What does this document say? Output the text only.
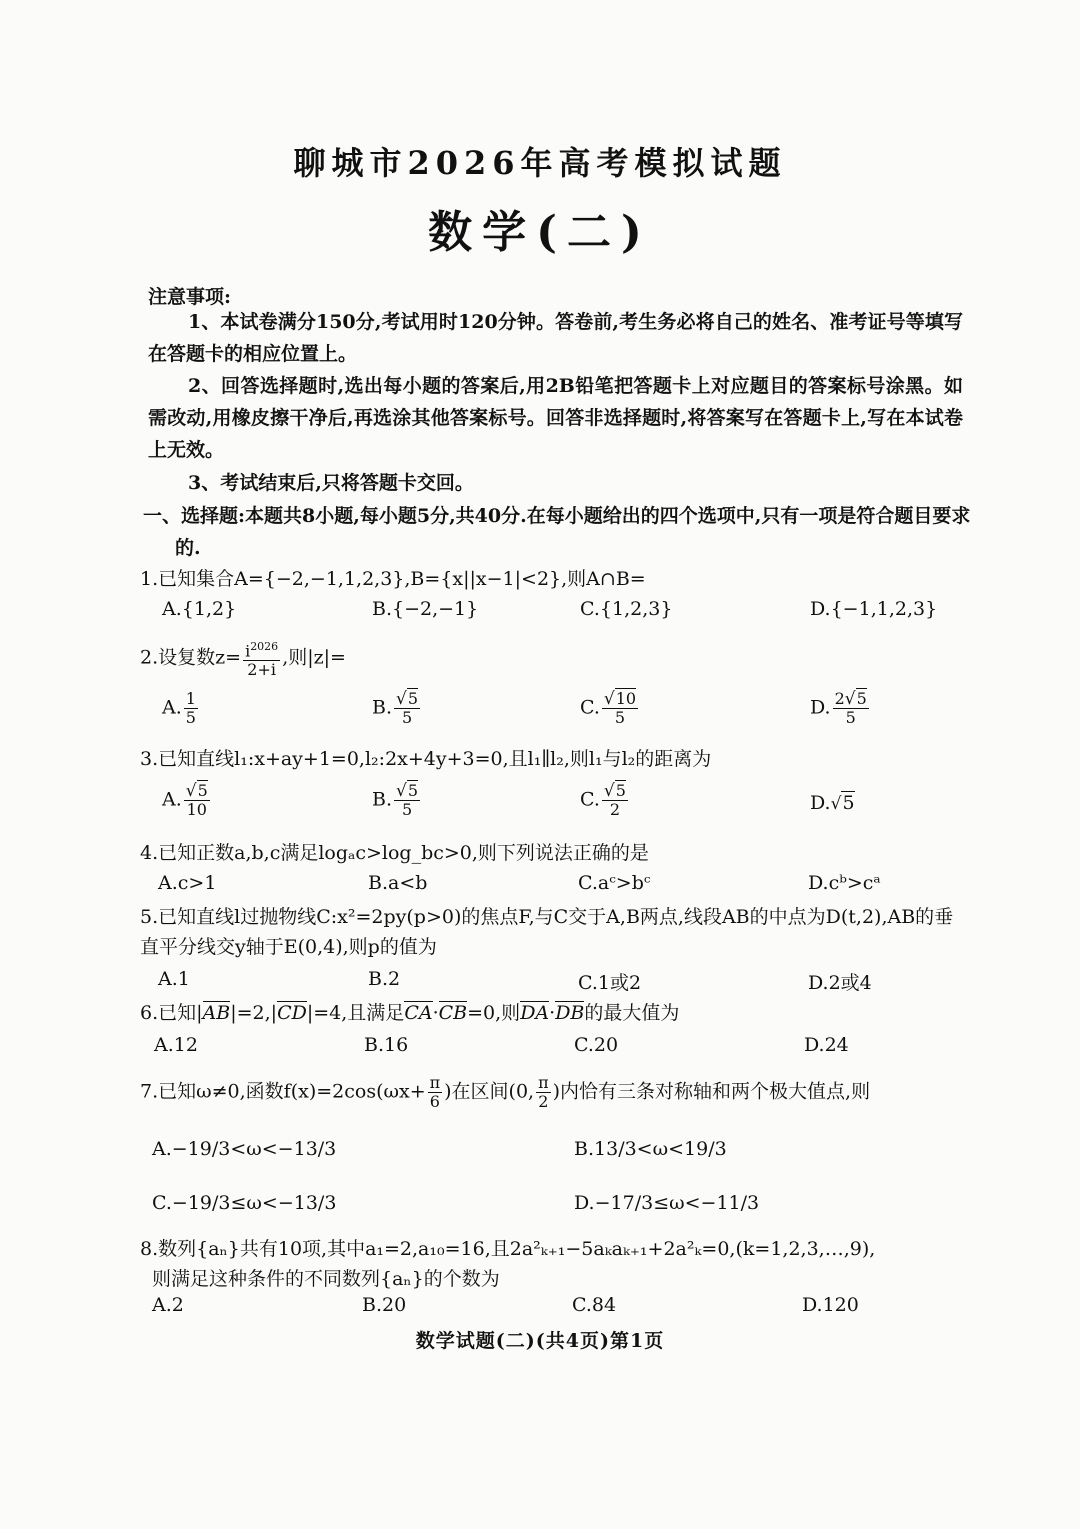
聊城市2026年高考模拟试题
数学(二)
注意事项:
1、本试卷满分150分,考试用时120分钟。答卷前,考生务必将自己的姓名、准考证号等填写在答题卡的相应位置上。
2、回答选择题时,选出每小题的答案后,用2B铅笔把答题卡上对应题目的答案标号涂黑。如需改动,用橡皮擦干净后,再选涂其他答案标号。回答非选择题时,将答案写在答题卡上,写在本试卷上无效。
3、考试结束后,只将答题卡交回。
一、选择题:本题共8小题,每小题5分,共40分.在每小题给出的四个选项中,只有一项是符合题目要求的.
1.已知集合A={−2,−1,1,2,3},B={x||x−1|<2},则A∩B=
A.{1,2}	B.{−2,−1}	C.{1,2,3}	D.{−1,1,2,3}
2.设复数$z= \frac{i^{2026}}{2+i}$ ,则|z|=
A. $\frac{1}{5}$	B. $\frac{√5}{5}$	C. $\frac{√10}{5}$	D. $\frac{2√5}{5}$
3.已知直线l₁:x+ay+1=0,l₂:2x+4y+3=0,且l₁∥l₂,则l₁与l₂的距离为
A. $\frac{√5}{10}$	B. $\frac{√5}{5}$	C. $\frac{√5}{2}$	D.√5
4.已知正数a,b,c满足logₐc>log_bc>0,则下列说法正确的是
A.c>1	B.a<b	C.aᶜ>bᶜ	D.cᵇ>cᵃ
5.已知直线l过抛物线C:x²=2py(p>0)的焦点F,与C交于A,B两点,线段AB的中点为D(t,2),AB的垂直平分线交y轴于E(0,4),则p的值为
A.1	B.2	C.1或2	D.2或4
6.已知|AB|=2,|CD|=4,且满足CA·CB=0,则DA·DB的最大值为
A.12	B.16	C.20	D.24
7.已知ω≠0,函数$f(x)=2\cos(\omega x+ \frac{\pi}{6}$ )在区间(0, $\frac{\pi}{2}$ )内恰有三条对称轴和两个极大值点,则
A.−19/3<ω<−13/3	B.13/3<ω<19/3
C.−19/3≤ω<−13/3	D.−17/3≤ω<−11/3
8.数列{aₙ}共有10项,其中a₁=2,a₁₀=16,且2a²ₖ₊₁−5aₖaₖ₊₁+2a²ₖ=0,(k=1,2,3,…,9),
则满足这种条件的不同数列{aₙ}的个数为
A.2	B.20	C.84	D.120
数学试题(二)(共4页)第1页
